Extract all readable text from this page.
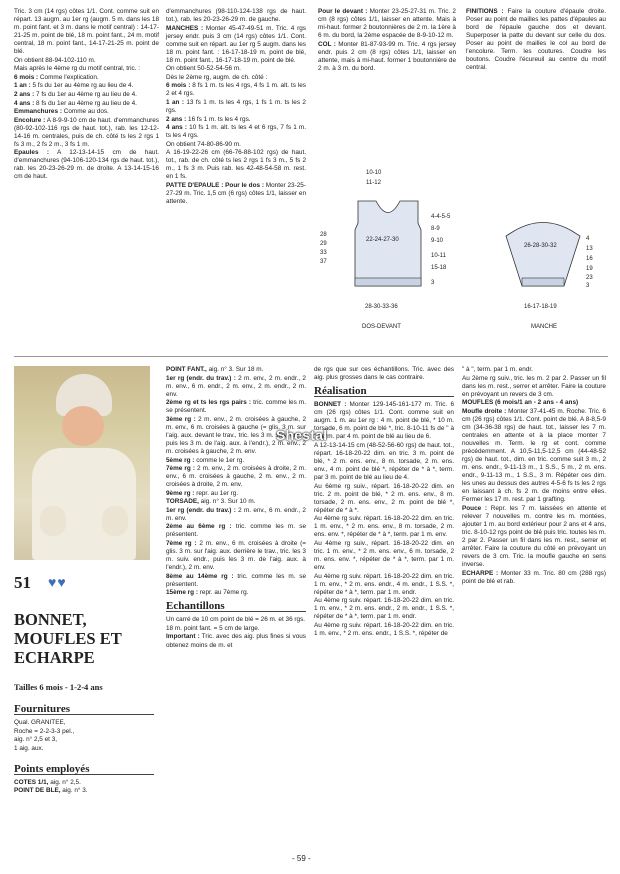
Tric. 3 cm (14 rgs) côtes 1/1. Cont. comme suit en répart. 13 augm. au 1er rg (augm. 5 m. dans les 18 m. point fant. et 3 m. dans le motif central) : 14-17-21-25 m. point de blé, 18 m. point fant., 24 m. motif central, 18 m. point fant., 14-17-21-25 m. point de blé.

On obtient 88-94-102-110 m.

Mais après le 4ème rg du motif central, tric. :

6 mois : Comme l'explication.

1 an : 5 fs du 1er au 4ème rg au lieu de 4.

2 ans : 7 fs du 1er au 4ème rg au lieu de 4.

4 ans : 8 fs du 1er au 4ème rg au lieu de 4.

Emmanchures : Comme au dos.

Encolure : A 8-9-9-10 cm de haut. d'emmanchures (80-92-102-116 rgs de haut. tot.), rab. les 12-12-14-16 m. centrales, puis de ch. côté ts les 2 rgs 1 fs 3 m., 2 fs 2 m., 3 fs 1 m.

Epaules : A 12-13-14-15 cm de haut. d'emmanchures (94-106-120-134 rgs de haut. tot.), rab. les 20-23-26-29 m. de droite. A 13-14-15-16 cm de haut.

d'emmanchures (98-110-124-138 rgs de haut. tot.), rab. les 20-23-26-29 m. de gauche.

MANCHES : Monter 45-47-49-51 m. Tric. 4 rgs jersey endr. puis 3 cm (14 rgs) côtes 1/1. Cont. comme suit en répart. au 1er rg 5 augm. dans les 18 m. point fant. : 16-17-18-19 m. point de blé, 18 m. point fant., 16-17-18-19 m. point de blé.

On obtient 50-52-54-56 m.

Dès le 2ème rg, augm. de ch. côté :

6 mois : 8 fs 1 m. ts les 4 rgs, 4 fs 1 m. alt. ts les 2 et 4 rgs.

1 an : 13 fs 1 m. ts les 4 rgs, 1 fs 1 m. ts les 2 rgs.

2 ans : 16 fs 1 m. ts les 4 rgs.

4 ans : 10 fs 1 m. alt. ts les 4 et 6 rgs, 7 fs 1 m. ts les 4 rgs.

On obtient 74-80-86-90 m.

A 16-19-22-26 cm (66-76-88-102 rgs) de haut. tot., rab. de ch. côté ts les 2 rgs 1 fs 3 m., 5 fs 2 m., 1 fs 3 m. Puis rab. les 42-48-54-58 m. rest. en 1 fs.

PATTE D'EPAULE : Pour le dos : Monter 23-25-27-29 m. Tric. 1,5 cm (6 rgs) côtes 1/1, laisser en attente.

Pour le devant : Monter 23-25-27-31 m. Tric. 2 cm (8 rgs) côtes 1/1, laisser en attente. Mais à mi-haut. former 2 boutonnières de 2 m. la 1ère à 6 m. du bord, la 2ème espacée de 8-9-10-12 m.

COL : Monter 81-87-93-99 m. Tric. 4 rgs jersey endr. puis 2 cm (8 rgs) côtes 1/1, laisser en attente, mais à mi-haut. former 1 boutonnière de 2 m. à 3 m. du bord.

FINITIONS : Faire la couture d'épaule droite. Poser au point de mailles les pattes d'épaules au bord de l'épaule gauche dos et devant. Superposer la patte du devant sur celle du dos. Poser au point de mailles le col au bord de l'encolure. Term. les coutures. Coudre les boutons. Coudre l'écureuil au centre du motif central.

10-10
11-12
22-24-27-30
28-30-33-36
28
29
33
37
4-4-5-5
8-9
9-10
10-11
15-18
3
DOS-DEVANT
26-28-30-32
16-17-18-19
4
13
16
19
23
3
MANCHE
51 ♥♥
BONNET,
MOUFLES ET
ECHARPE
Tailles 6 mois - 1-2-4 ans
Fournitures

Qual. GRANITEE,

Roche = 2-2-3-3 pel.,

aig. n° 2,5 et 3,

1 aig. aux.

Points employés

COTES 1/1, aig. n° 2,5.

POINT DE BLE, aig. n° 3.

POINT FANT., aig. n° 3. Sur 18 m.

1er rg (endr. du trav.) : 2 m. env., 2 m. endr., 2 m. env., 6 m. endr., 2 m. env., 2 m. endr., 2 m. env.

2ème rg et ts les rgs pairs : tric. comme les m. se présentent.

3ème rg : 2 m. env., 2 m. croisées à gauche, 2 m. env., 6 m. croisées à gauche (= glis. 3 m. sur l'aig. aux. devant le trav., tric. les 3 m. suiv. endr., puis les 3 m. de l'aig. aux. à l'endr.), 2 m. env., 2 m. croisées à gauche, 2 m. env.

5ème rg : comme le 1er rg.

7ème rg : 2 m. env., 2 m. croisées à droite, 2 m. env., 6 m. croisées à gauche, 2 m. env., 2 m. croisées à droite, 2 m. env.

9ème rg : repr. au 1er rg.

TORSADE, aig. n° 3. Sur 10 m.

1er rg (endr. du trav.) : 2 m. env., 6 m. endr., 2 m. env.

2ème au 6ème rg : tric. comme les m. se présentent.

7ème rg : 2 m. env., 6 m. croisées à droite (= glis. 3 m. sur l'aig. aux. derrière le trav., tric. les 3 m. suiv. endr., puis les 3 m. de l'aig. aux. à l'endr.), 2 m. env.

8ème au 14ème rg : tric. comme les m. se présentent.

15ème rg : repr. au 7ème rg.

Echantillons

Un carré de 10 cm point de blé = 26 m. et 36 rgs.

18 m. point fant. = 5 cm de large.

Important : Tric. avec des aig. plus fines si vous obtenez moins de m. et

de rgs que sur ces échantillons. Tric. avec des aig. plus grosses dans le cas contraire.

Réalisation

BONNET : Monter 129-145-161-177 m. Tric. 6 cm (26 rgs) côtes 1/1. Cont. comme suit en augm. 1 m. au 1er rg : 4 m. point de blé, * 10 m. torsade, 6 m. point de blé *, tric. 8-10-11 fs de " à ", term. par 4 m. point de blé au lieu de 6.

A 12-13-14-15 cm (48-52-56-60 rgs) de haut. tot., répart. 16-18-20-22 dim. en tric. 3 m. point de blé, * 2 m. ens. env., 8 m. torsade, 2 m. ens. env., 4 m. point de blé *, répéter de * à *, term. par 3 m. point de blé au lieu de 4.

Au 6ème rg suiv., répart. 16-18-20-22 dim. en tric. 2 m. point de blé, * 2 m. ens. env., 8 m. torsade, 2 m. ens. env., 2 m. point de blé *, répéter de * à *.

Au 4ème rg suiv. répart. 16-18-20-22 dim. en tric. 1 m. env., * 2 m. ens. env., 8 m. torsade, 2 m. ens. env. *, répéter de * à *, term. par 1 m. env.

Au 4ème rg suiv., répart. 16-18-20-22 dim. en tric. 1 m. env., * 2 m. ens. env., 6 m. torsade, 2 m. ens. env. *, répéter de * à *, term. par 1 m. env.

Au 4ème rg suiv. répart. 16-18-20-22 dim. en tric. 1 m. env., * 2 m. ens. endr., 4 m. endr., 1 S.S. *, répéter de * à *, term. par 1 m. endr.

Au 4ème rg suiv. répart. 16-18-20-22 dim. en tric. 1 m. env., * 2 m. ens. endr., 2 m. endr., 1 S.S. *, répéter de * à *, term. par 1 m. endr.

Au 4ème rg suiv. répart. 16-18-20-22 dim. en tric. 1 m. env., * 2 m. ens. endr., 1 S.S. *, répéter de

" à ", term. par 1 m. endr.

Au 2ème rg suiv., tric. les m. 2 par 2. Passer un fil dans les m. rest., serrer et arrêter. Faire la couture en prévoyant un revers de 3 cm.

MOUFLES (6 mois/1 an - 2 ans - 4 ans)

Moufle droite : Monter 37-41-45 m. Roche. Tric. 6 cm (26 rgs) côtes 1/1. Cont. point de blé. A 8-8,5-9 cm (34-36-38 rgs) de haut. tot., laisser les 7 m. centrales en attente et à la place monter 7 nouvelles m. Term. le rg et cont. comme précédemment. A 10,5-11,5-12,5 cm (44-48-52 rgs) de haut. tot., dim. en tric. comme suit 3 m., 2 m. ens. endr., 9-11-13 m., 1 S.S., 5 m., 2 m. ens. endr., 9-11-13 m., 1 S.S., 3 m. Répéter ces dim. les unes au dessus des autres 4-5-6 fs ts les 2 rgs en laissant à ch. fs 2 m. de moins entre elles. Fermer les 17 m. rest. par 1 grafting.

Pouce : Repr. les 7 m. laissées en attente et relever 7 nouvelles m. contre les m. montées, ajouter 1 m. au bord extérieur pour 2 ans et 4 ans, tric. 8-10-12 rgs point de blé puis tric. toutes les m. 2 par 2. Passer un fil dans les m. rest., serrer et arrêter. Faire la couture du côté en prévoyant un revers de 3 cm. Tric. la moufle gauche en sens inverse.

ECHARPE : Monter 33 m. Tric. 80 cm (288 rgs) point de blé et rab.

Shestal
- 59 -
